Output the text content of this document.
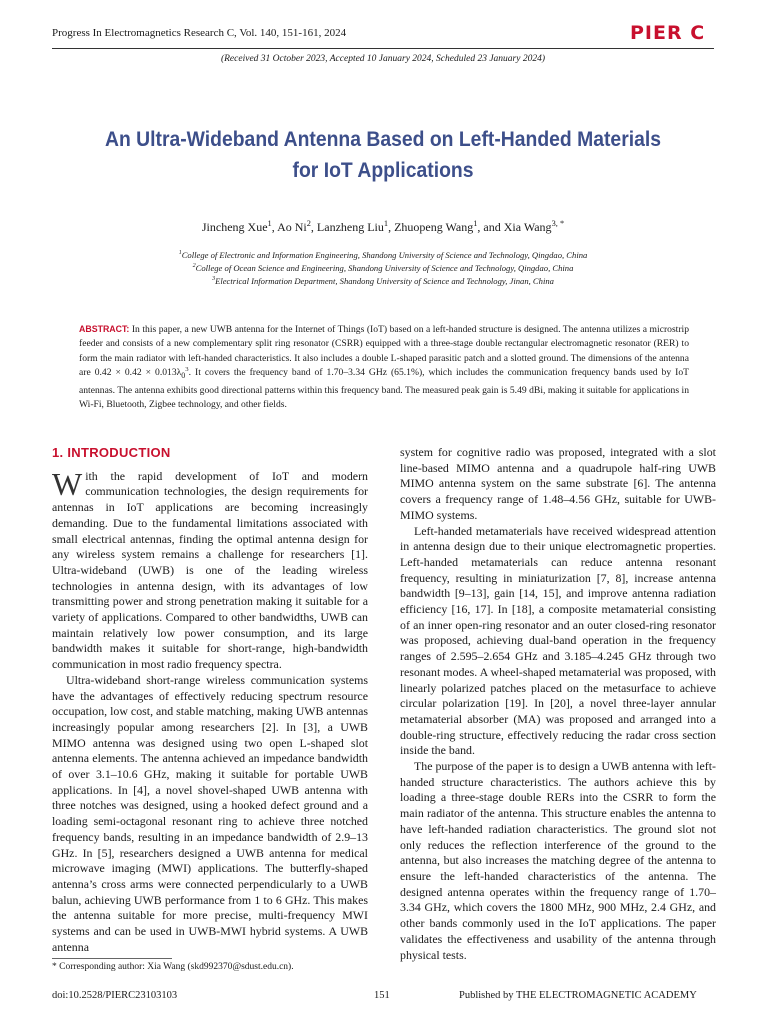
Progress In Electromagnetics Research C, Vol. 140, 151-161, 2024	PIER C
(Received 31 October 2023, Accepted 10 January 2024, Scheduled 23 January 2024)
An Ultra-Wideband Antenna Based on Left-Handed Materials
for IoT Applications
Jincheng Xue$^1$, Ao Ni$^2$, Lanzheng Liu$^1$, Zhuopeng Wang$^1$, and Xia Wang$^{3, *}$
$^1$College of Electronic and Information Engineering, Shandong University of Science and Technology, Qingdao, China
$^2$College of Ocean Science and Engineering, Shandong University of Science and Technology, Qingdao, China
$^3$Electrical Information Department, Shandong University of Science and Technology, Jinan, China
ABSTRACT: In this paper, a new UWB antenna for the Internet of Things (IoT) based on a left-handed structure is designed. The antenna utilizes a microstrip feeder and consists of a new complementary split ring resonator (CSRR) equipped with a three-stage double rectangular electromagnetic resonator (RER) to form the main radiator with left-handed characteristics. It also includes a double L-shaped parasitic patch and a slotted ground. The dimensions of the antenna are $0.42 \times 0.42 \times 0.013\lambda_0^3$. It covers the frequency band of 1.70–3.34 GHz (65.1%), which includes the communication frequency bands used by IoT antennas. The antenna exhibits good directional patterns within this frequency band. The measured peak gain is 5.49 dBi, making it suitable for applications in Wi-Fi, Bluetooth, Zigbee technology, and other fields.
1. INTRODUCTION

With the rapid development of IoT and modern communication technologies, the design requirements for antennas in IoT applications are becoming increasingly demanding. Due to the fundamental limitations associated with small electrical antennas, finding the optimal antenna design for any wireless system remains a challenge for researchers [1]. Ultra-wideband (UWB) is one of the leading wireless technologies in antenna design, with its advantages of low transmitting power and strong penetration making it suitable for a variety of applications. Compared to other bandwidths, UWB can maintain relatively low power consumption, and its large bandwidth makes it suitable for short-range, high-bandwidth communication in most radio frequency spectra.

Ultra-wideband short-range wireless communication systems have the advantages of effectively reducing spectrum resource occupation, low cost, and stable matching, making UWB antennas increasingly popular among researchers [2]. In [3], a UWB MIMO antenna was designed using two open L-shaped slot antenna elements. The antenna achieved an impedance bandwidth of over 3.1–10.6 GHz, making it suitable for portable UWB applications. In [4], a novel shovel-shaped UWB antenna with three notches was designed, using a hooked defect ground and a loading semi-octagonal resonant ring to achieve three notched frequency bands, resulting in an impedance bandwidth of 2.9–13 GHz. In [5], researchers designed a UWB antenna for medical microwave imaging (MWI) applications. The butterfly-shaped antenna’s cross arms were connected perpendicularly to a UWB balun, achieving UWB performance from 1 to 6 GHz. This makes the antenna suitable for more precise, multi-frequency MWI systems and can be used in UWB-MWI hybrid systems. A UWB antenna

system for cognitive radio was proposed, integrated with a slot line-based MIMO antenna and a quadrupole half-ring UWB MIMO antenna system on the same substrate [6]. The antenna covers a frequency range of 1.48–4.56 GHz, suitable for UWB-MIMO systems.

Left-handed metamaterials have received widespread attention in antenna design due to their unique electromagnetic properties. Left-handed metamaterials can reduce antenna resonant frequency, resulting in miniaturization [7, 8], increase antenna bandwidth [9–13], gain [14, 15], and improve antenna radiation efficiency [16, 17]. In [18], a composite metamaterial consisting of an inner open-ring resonator and an outer closed-ring resonator was proposed, achieving dual-band operation in the frequency ranges of 2.595–2.654 GHz and 3.185–4.245 GHz through two resonant modes. A wheel-shaped metamaterial was proposed, with linearly polarized patches placed on the metasurface to achieve circular polarization [19]. In [20], a novel three-layer annular metamaterial absorber (MA) was proposed and arranged into a double-ring structure, effectively reducing the radar cross section inside the band.

The purpose of the paper is to design a UWB antenna with left-handed structure characteristics. The authors achieve this by loading a three-stage double RERs into the CSRR to form the main radiator of the antenna. This structure enables the antenna to have left-handed radiation characteristics. The ground slot not only reduces the reflection interference of the ground to the antenna, but also increases the matching degree of the antenna to ensure the left-handed characteristics of the antenna. The designed antenna operates within the frequency range of 1.70–3.34 GHz, which covers the 1800 MHz, 900 MHz, 2.4 GHz, and other bands commonly used in the IoT applications. The paper validates the effectiveness and usability of the antenna through physical tests.

* Corresponding author: Xia Wang (skd992370@sdust.edu.cn).
doi:10.2528/PIERC23103103	151	Published by THE ELECTROMAGNETIC ACADEMY
